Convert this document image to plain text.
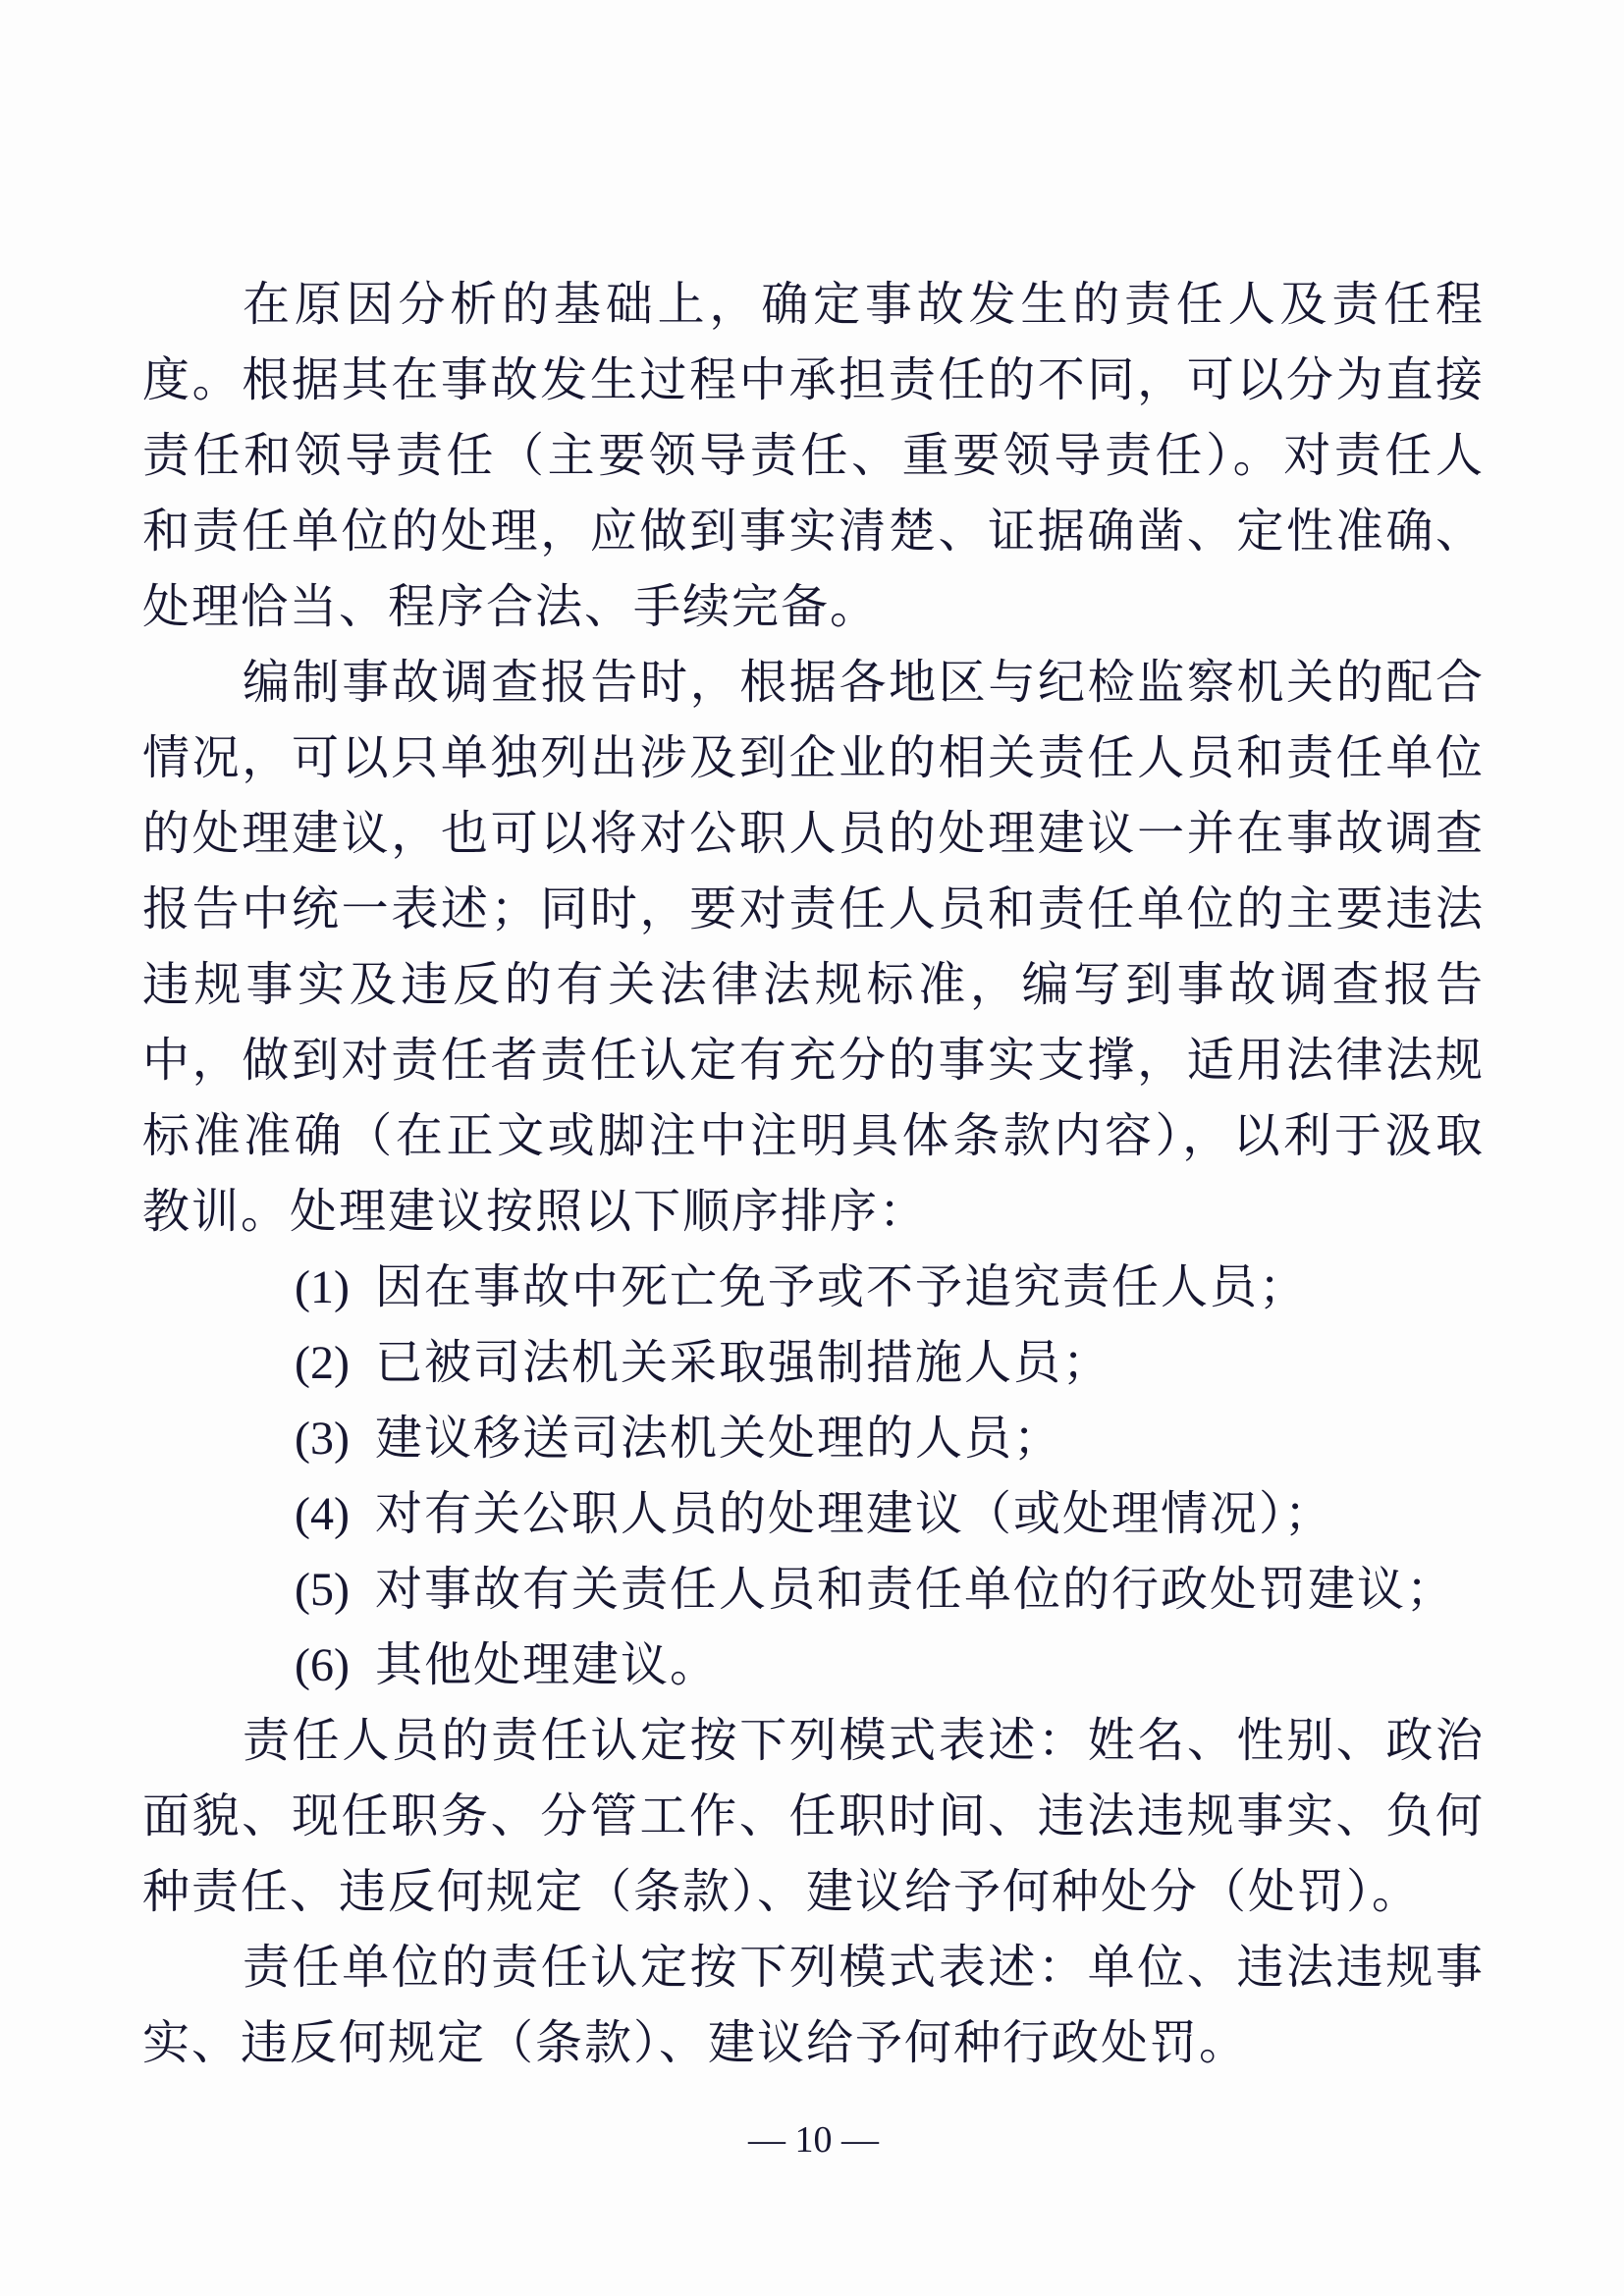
在原因分析的基础上，确定事故发生的责任人及责任程度。根据其在事故发生过程中承担责任的不同，可以分为直接责任和领导责任（主要领导责任、重要领导责任）。对责任人和责任单位的处理，应做到事实清楚、证据确凿、定性准确、处理恰当、程序合法、手续完备。

编制事故调查报告时，根据各地区与纪检监察机关的配合情况，可以只单独列出涉及到企业的相关责任人员和责任单位的处理建议，也可以将对公职人员的处理建议一并在事故调查报告中统一表述；同时，要对责任人员和责任单位的主要违法违规事实及违反的有关法律法规标准，编写到事故调查报告中，做到对责任者责任认定有充分的事实支撑，适用法律法规标准准确（在正文或脚注中注明具体条款内容），以利于汲取教训。处理建议按照以下顺序排序：

(1) 因在事故中死亡免予或不予追究责任人员；
(2) 已被司法机关采取强制措施人员；
(3) 建议移送司法机关处理的人员；
(4) 对有关公职人员的处理建议（或处理情况）；
(5) 对事故有关责任人员和责任单位的行政处罚建议；
(6) 其他处理建议。

责任人员的责任认定按下列模式表述：姓名、性别、政治面貌、现任职务、分管工作、任职时间、违法违规事实、负何种责任、违反何规定（条款）、建议给予何种处分（处罚）。

责任单位的责任认定按下列模式表述：单位、违法违规事实、违反何规定（条款）、建议给予何种行政处罚。

— 10 —
